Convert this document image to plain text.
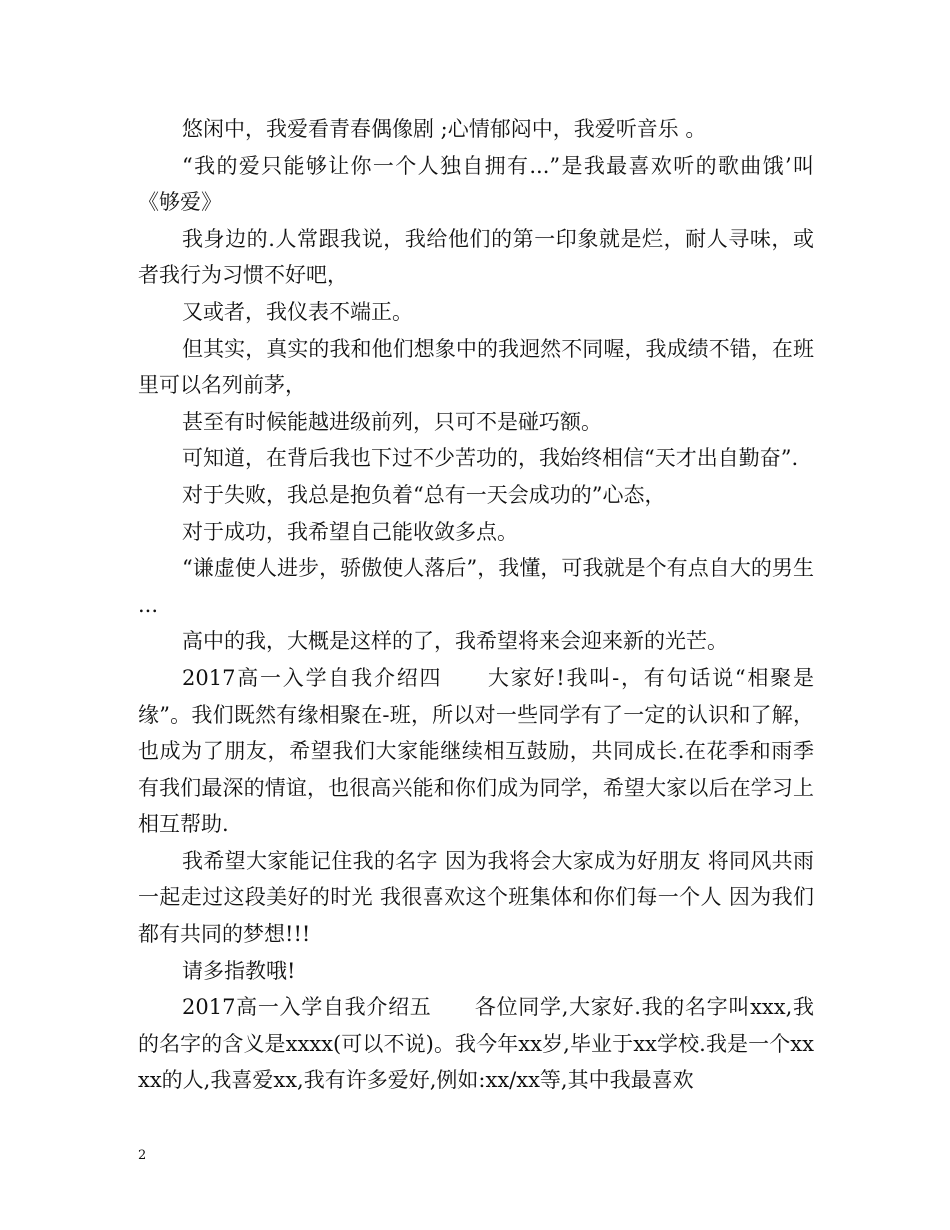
悠闲中，我爱看青春偶像剧 ;心情郁闷中，我爱听音乐 。

“我的爱只能够让你一个人独自拥有...”是我最喜欢听的歌曲饿’叫《够爱》

我身边的.人常跟我说，我给他们的第一印象就是烂，耐人寻味，或者我行为习惯不好吧，

又或者，我仪表不端正。

但其实，真实的我和他们想象中的我迥然不同喔，我成绩不错，在班里可以名列前茅，

甚至有时候能越进级前列，只可不是碰巧额。

可知道，在背后我也下过不少苦功的，我始终相信“天才出自勤奋”.

对于失败，我总是抱负着“总有一天会成功的”心态，

对于成功，我希望自己能收敛多点。

“谦虚使人进步，骄傲使人落后”，我懂，可我就是个有点自大的男生 ...

高中的我，大概是这样的了，我希望将来会迎来新的光芒。

2017高一入学自我介绍四　　大家好!我叫-，有句话说“相聚是缘”。我们既然有缘相聚在-班，所以对一些同学有了一定的认识和了解，也成为了朋友，希望我们大家能继续相互鼓励，共同成长.在花季和雨季有我们最深的情谊，也很高兴能和你们成为同学，希望大家以后在学习上相互帮助.

我希望大家能记住我的名字 因为我将会大家成为好朋友 将同风共雨 一起走过这段美好的时光 我很喜欢这个班集体和你们每一个人 因为我们都有共同的梦想!!!

请多指教哦!

2017高一入学自我介绍五　　各位同学,大家好.我的名字叫xxx,我的名字的含义是xxxx(可以不说)。我今年xx岁,毕业于xx学校.我是一个xxxx的人,我喜爱xx,我有许多爱好,例如:xx/xx等,其中我最喜欢

2
